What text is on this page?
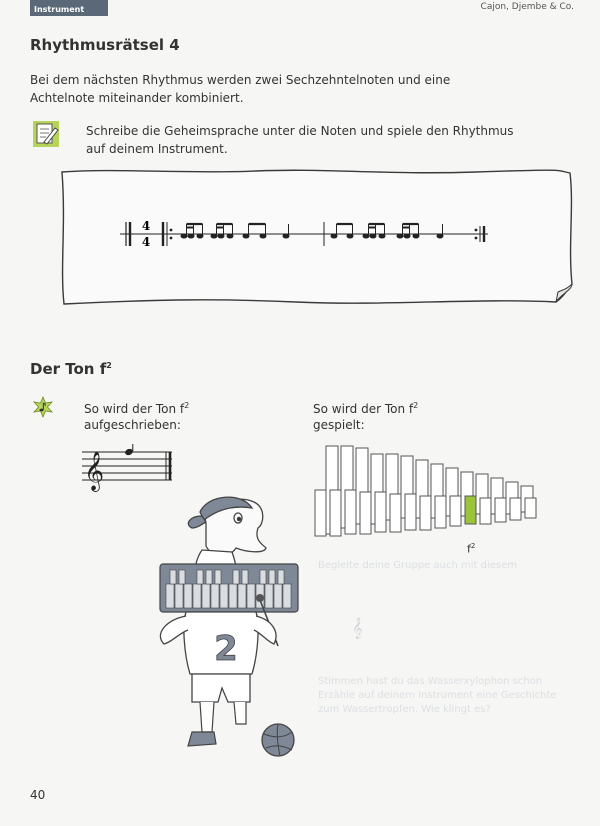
Instrument	Cajon, Djembe & Co.
Begleite deine Gruppe auch mit diesem
Erzähle auf deinem Instrument eine Geschichte
Stimmen hast du das Wasserxylophon schon
zum Wassertropfen. Wie klingt es?
Rhythmusrätsel 4
Bei dem nächsten Rhythmus werden zwei Sechzehntelnoten und eine Achtelnote miteinander kombiniert.
Schreibe die Geheimsprache unter die Noten und spiele den Rhythmus auf deinem Instrument.
4
4
Der Ton $f^2$
So wird der Ton $f^2$
aufgeschrieben:
So wird der Ton $f^2$
gespielt:
𝄞
$f^2$
2
𝄞
40
